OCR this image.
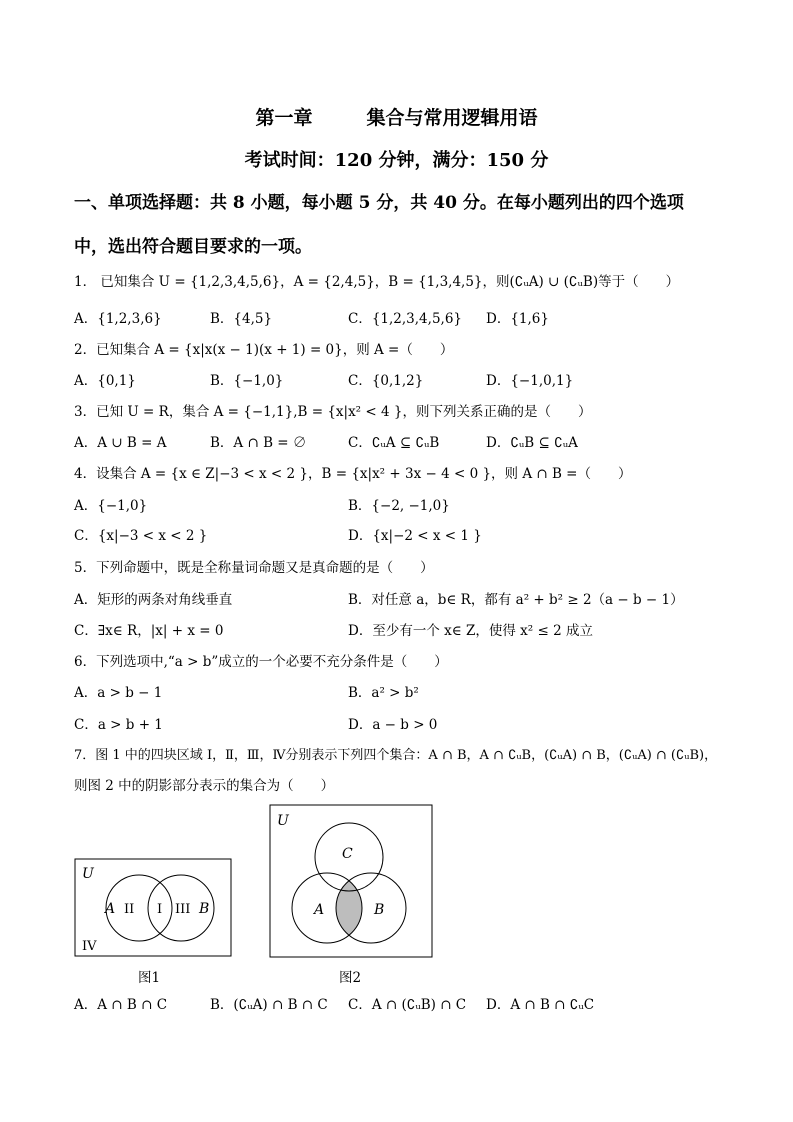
第一章	集合与常用逻辑用语
考试时间：120 分钟，满分：150 分
一、单项选择题：共 8 小题，每小题 5 分，共 40 分。在每小题列出的四个选项
中，选出符合题目要求的一项。
1． 已知集合 U = {1,2,3,4,5,6}，A = {2,4,5}，B = {1,3,4,5}，则(∁ᵤA) ∪ (∁ᵤB)等于（　　）
A．{1,2,3,6}	B．{4,5}	C．{1,2,3,4,5,6} D．{1,6}
2．已知集合 A = {x|x(x − 1)(x + 1) = 0}，则 A =（　　）
A．{0,1}	B．{−1,0}	C．{0,1,2}	D．{−1,0,1}
3．已知 U = R，集合 A = {−1,1},B = {x|x² < 4 }，则下列关系正确的是（　　）
A．A ∪ B = A	B．A ∩ B = ∅	C．∁ᵤA ⊆ ∁ᵤB	D．∁ᵤB ⊆ ∁ᵤA
4．设集合 A = {x ∈ Z|−3 < x < 2 }，B = {x|x² + 3x − 4 < 0 }，则 A ∩ B =（　　）
A．{−1,0}	B．{−2, −1,0}
C．{x|−3 < x < 2 }	D．{x|−2 < x < 1 }
5．下列命题中，既是全称量词命题又是真命题的是（　　）
A．矩形的两条对角线垂直	B．对任意 a，b∈ R，都有 a² + b² ≥ 2（a − b − 1）
C．∃x∈ R，|x| + x = 0	D．至少有一个 x∈ Z，使得 x² ≤ 2 成立
6．下列选项中,“a > b”成立的一个必要不充分条件是（　　）
A．a > b − 1	B．a² > b²
C．a > b + 1	D．a − b > 0
7．图 1 中的四块区域 Ⅰ，Ⅱ，Ⅲ，Ⅳ分别表示下列四个集合：A ∩ B，A ∩ ∁ᵤB，(∁ᵤA) ∩ B，(∁ᵤA) ∩ (∁ᵤB)，
则图 2 中的阴影部分表示的集合为（　　）
U
A II I III B
IV
图1
U
C
A	B
图2
A．A ∩ B ∩ C	B．(∁ᵤA) ∩ B ∩ C C．A ∩ (∁ᵤB) ∩ C D．A ∩ B ∩ ∁ᵤC
